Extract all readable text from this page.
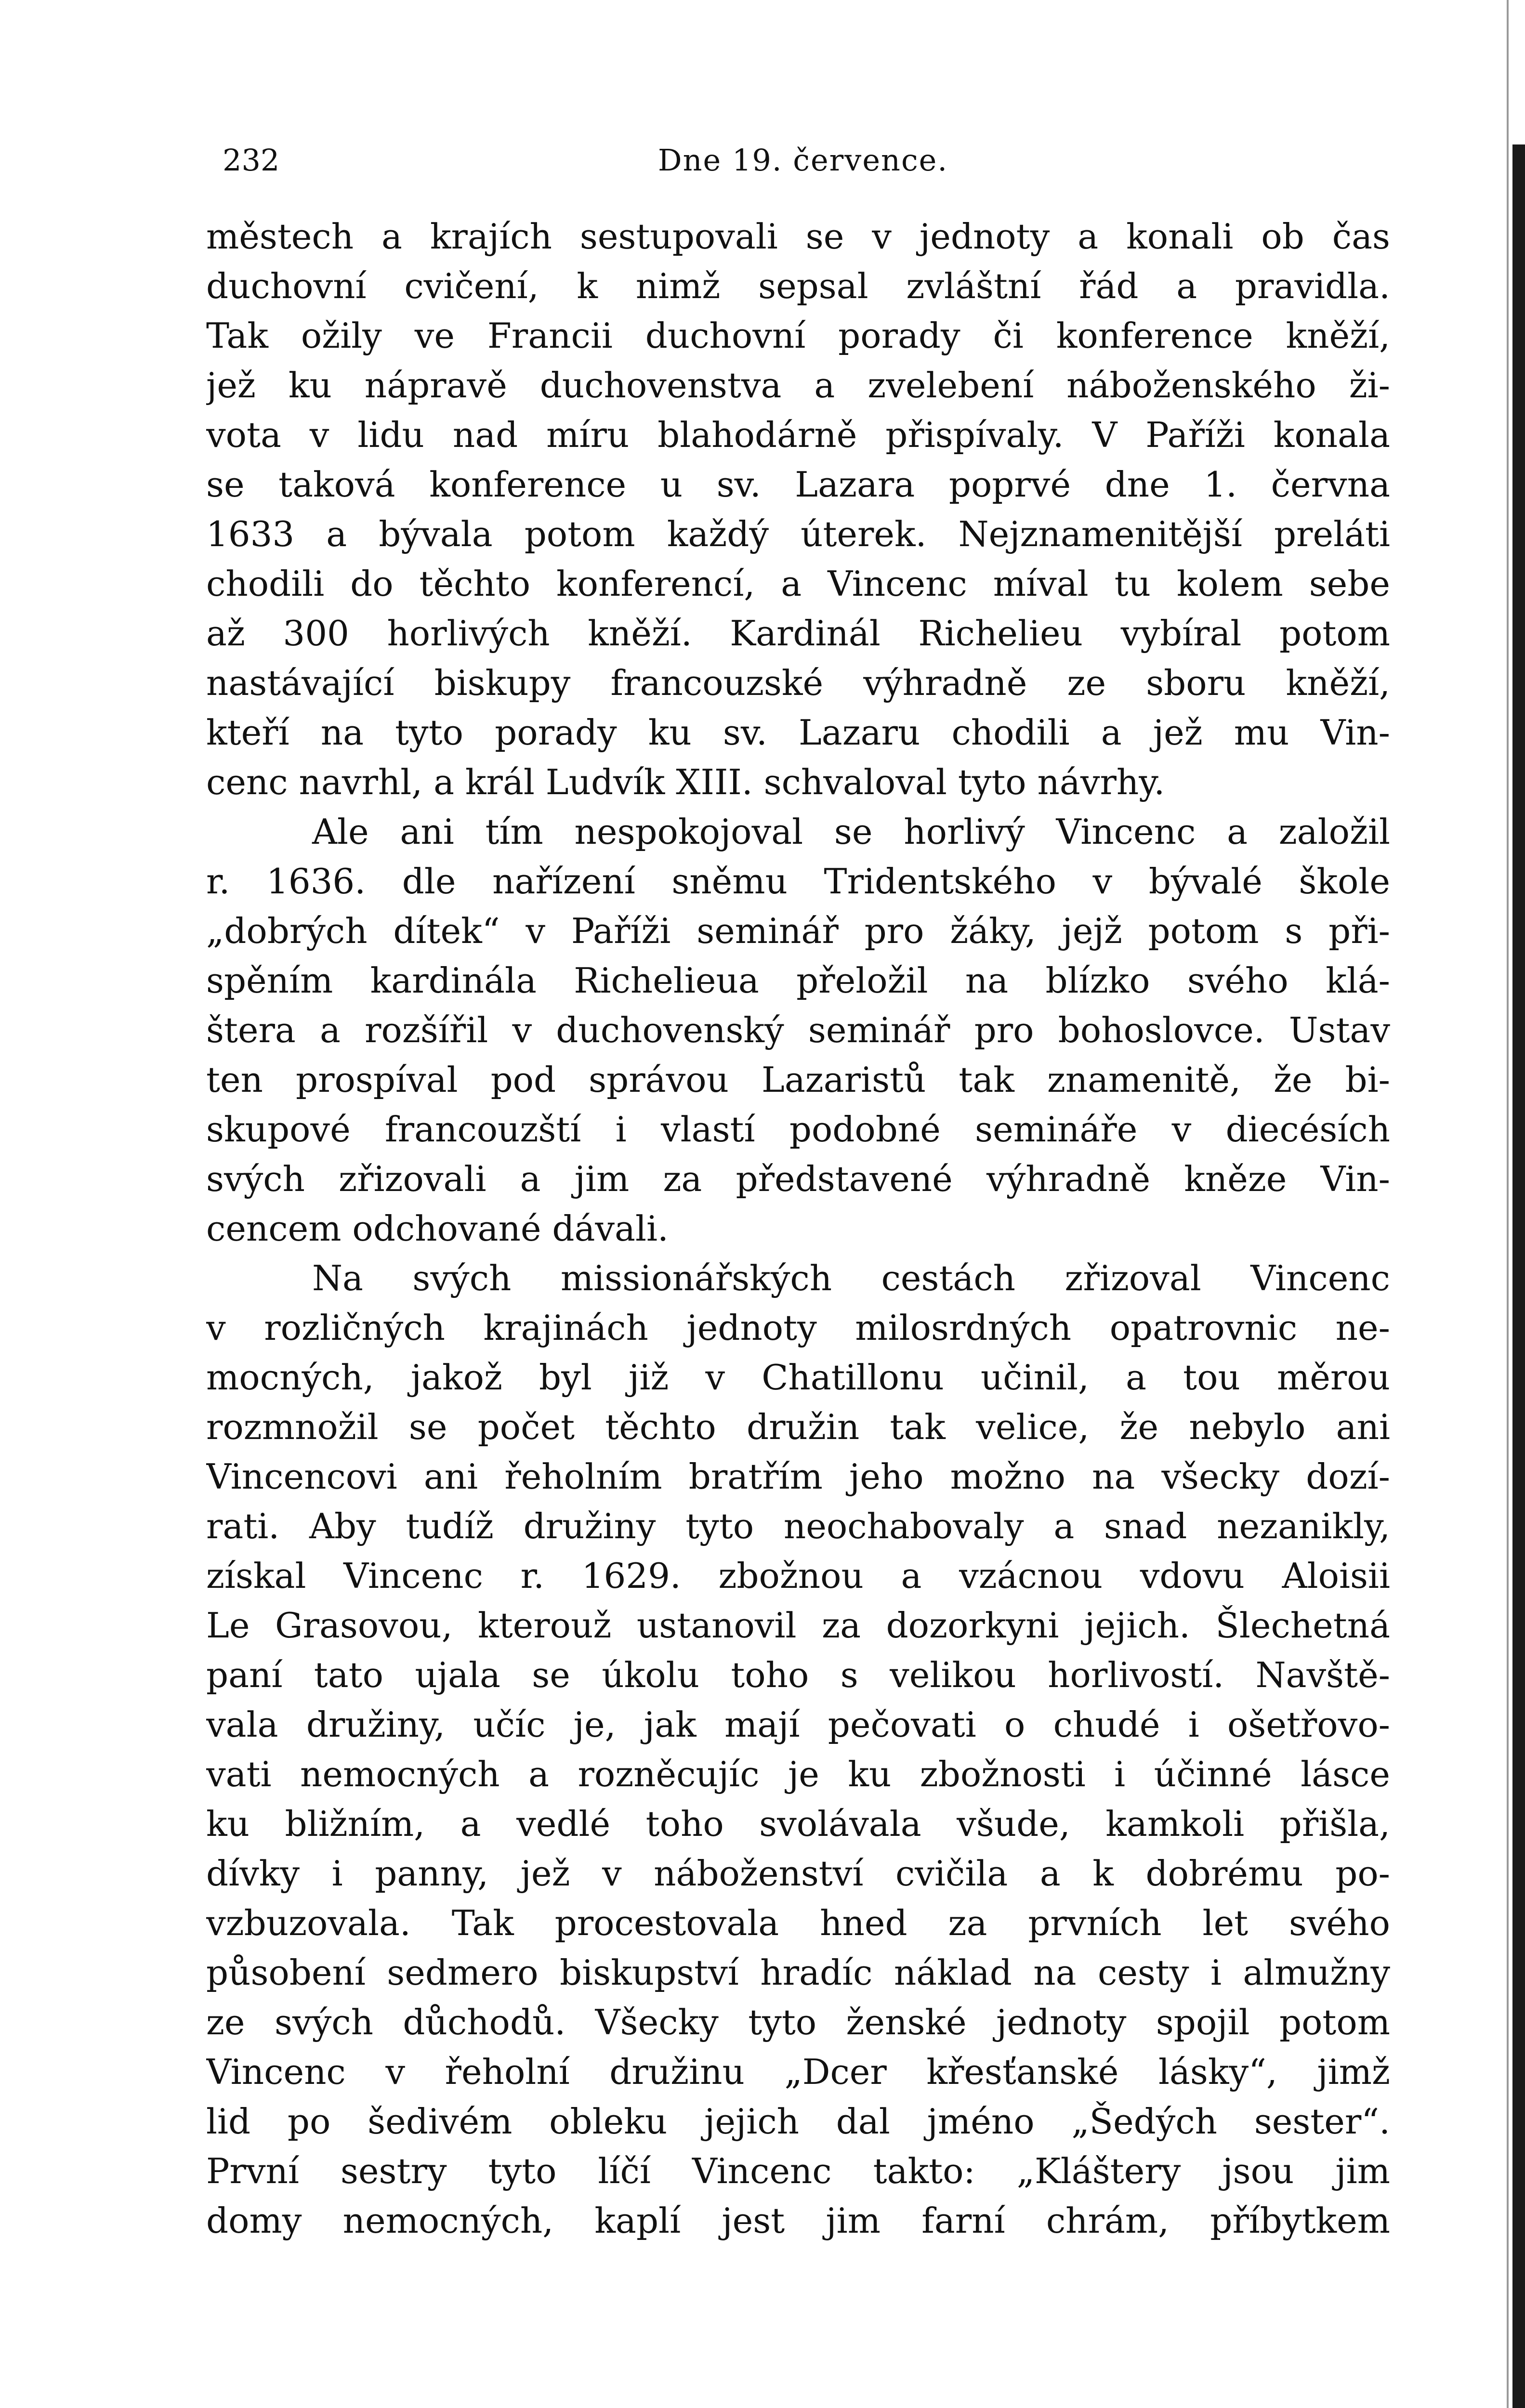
232	Dne 19. července.
městech a krajích sestupovali se v jednoty a konali ob čas
duchovní cvičení, k nimž sepsal zvláštní řád a pravidla.
Tak ožily ve Francii duchovní porady či konference kněží,
jež ku nápravě duchovenstva a zvelebení náboženského ži-
vota v lidu nad míru blahodárně přispívaly. V Paříži konala
se taková konference u sv. Lazara poprvé dne 1. června
1633 a bývala potom každý úterek. Nejznamenitější preláti
chodili do těchto konferencí, a Vincenc míval tu kolem sebe
až 300 horlivých kněží. Kardinál Richelieu vybíral potom
nastávající biskupy francouzské výhradně ze sboru kněží,
kteří na tyto porady ku sv. Lazaru chodili a jež mu Vin-
cenc navrhl, a král Ludvík XIII. schvaloval tyto návrhy.
Ale ani tím nespokojoval se horlivý Vincenc a založil
r. 1636. dle nařízení sněmu Tridentského v bývalé škole
„dobrých dítek“ v Paříži seminář pro žáky, jejž potom s při-
spěním kardinála Richelieua přeložil na blízko svého klá-
štera a rozšířil v duchovenský seminář pro bohoslovce. Ustav
ten prospíval pod správou Lazaristů tak znamenitě, že bi-
skupové francouzští i vlastí podobné semináře v diecésích
svých zřizovali a jim za představené výhradně kněze Vin-
cencem odchované dávali.
Na svých missionářských cestách zřizoval Vincenc
v rozličných krajinách jednoty milosrdných opatrovnic ne-
mocných, jakož byl již v Chatillonu učinil, a tou měrou
rozmnožil se počet těchto družin tak velice, že nebylo ani
Vincencovi ani řeholním bratřím jeho možno na všecky dozí-
rati. Aby tudíž družiny tyto neochabovaly a snad nezanikly,
získal Vincenc r. 1629. zbožnou a vzácnou vdovu Aloisii
Le Grasovou, kterouž ustanovil za dozorkyni jejich. Šlechetná
paní tato ujala se úkolu toho s velikou horlivostí. Navště-
vala družiny, učíc je, jak mají pečovati o chudé i ošetřovo-
vati nemocných a rozněcujíc je ku zbožnosti i účinné lásce
ku bližním, a vedlé toho svolávala všude, kamkoli přišla,
dívky i panny, jež v náboženství cvičila a k dobrému po-
vzbuzovala. Tak procestovala hned za prvních let svého
působení sedmero biskupství hradíc náklad na cesty i almužny
ze svých důchodů. Všecky tyto ženské jednoty spojil potom
Vincenc v řeholní družinu „Dcer křesťanské lásky“, jimž
lid po šedivém obleku jejich dal jméno „Šedých sester“.
První sestry tyto líčí Vincenc takto: „Kláštery jsou jim
domy nemocných, kaplí jest jim farní chrám, příbytkem
